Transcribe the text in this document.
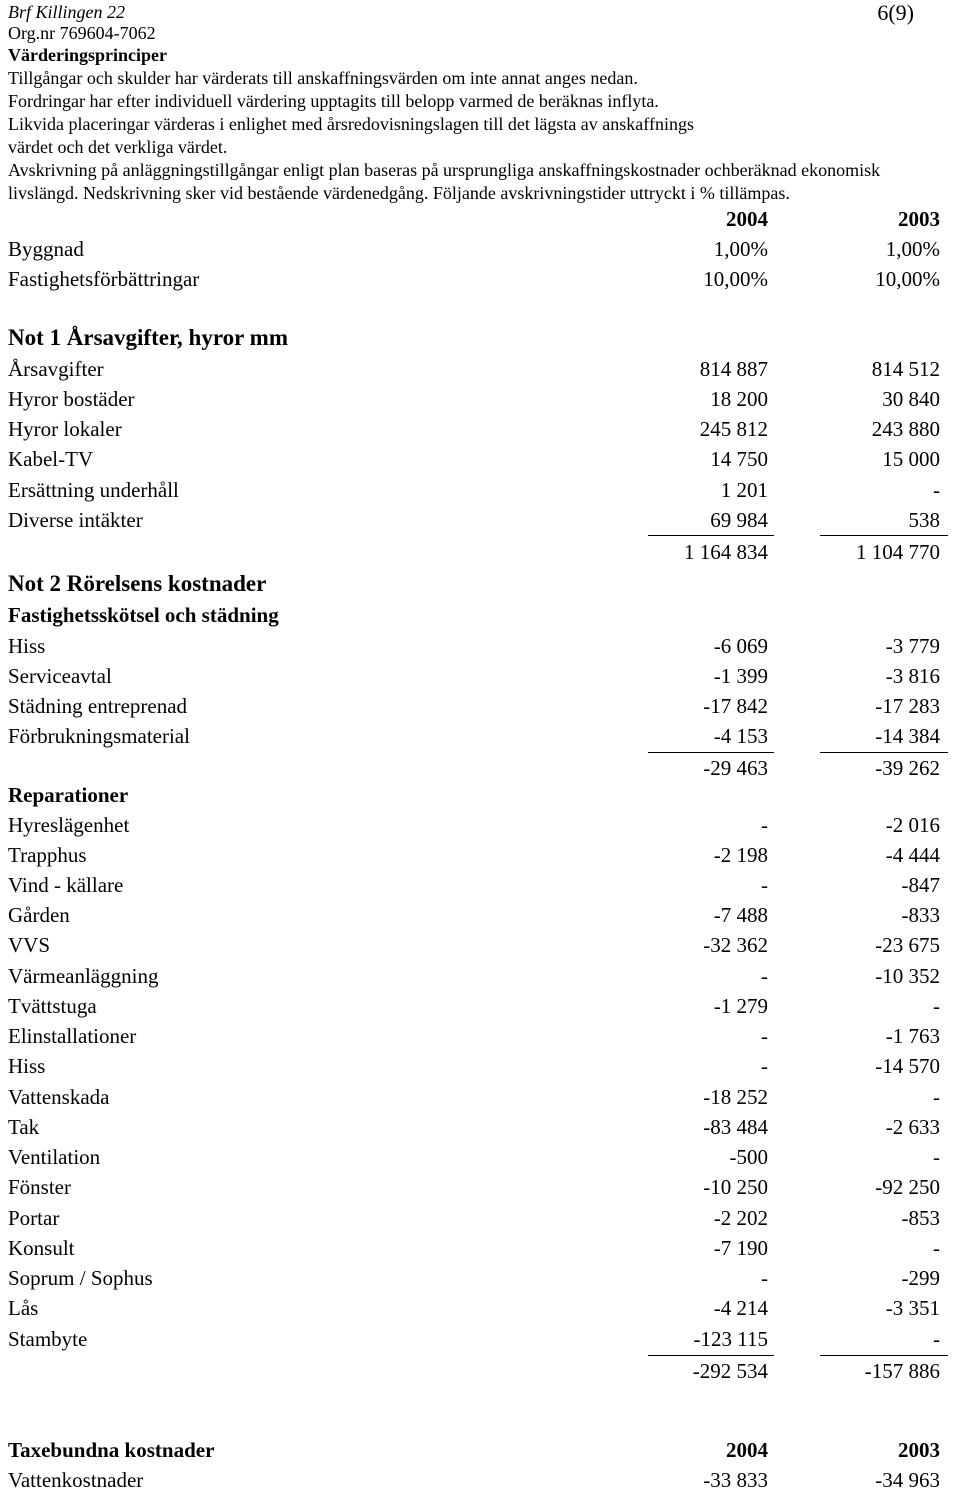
Brf Killingen 22
Org.nr 769604-7062
6(9)
Värderingsprinciper
Tillgångar och skulder har värderats till anskaffningsvärden om inte annat anges nedan.
Fordringar har efter individuell värdering upptagits till belopp varmed de beräknas inflyta.
Likvida placeringar värderas i enlighet med årsredovisningslagen till det lägsta av anskaffnings
värdet och det verkliga värdet.
Avskrivning på anläggningstillgångar enligt plan baseras på ursprungliga anskaffningskostnader ochberäknad ekonomisk
livslängd. Nedskrivning sker vid bestående värdenedgång. Följande avskrivningstider uttryckt i % tillämpas.
2004	2003
Byggnad	1,00%	1,00%
Fastighetsförbättringar	10,00%	10,00%
Not 1 Årsavgifter, hyror mm
Årsavgifter	814 887	814 512
Hyror bostäder	18 200	30 840
Hyror lokaler	245 812	243 880
Kabel-TV	14 750	15 000
Ersättning underhåll	1 201	-
Diverse intäkter	69 984	538
1 164 834	1 104 770
Not 2 Rörelsens kostnader
Fastighetsskötsel och städning
Hiss	-6 069	-3 779
Serviceavtal	-1 399	-3 816
Städning entreprenad	-17 842	-17 283
Förbrukningsmaterial	-4 153	-14 384
-29 463	-39 262
Reparationer
Hyreslägenhet	-	-2 016
Trapphus	-2 198	-4 444
Vind - källare	-	-847
Gården	-7 488	-833
VVS	-32 362	-23 675
Värmeanläggning	-	-10 352
Tvättstuga	-1 279	-
Elinstallationer	-	-1 763
Hiss	-	-14 570
Vattenskada	-18 252	-
Tak	-83 484	-2 633
Ventilation	-500	-
Fönster	-10 250	-92 250
Portar	-2 202	-853
Konsult	-7 190	-
Soprum / Sophus	-	-299
Lås	-4 214	-3 351
Stambyte	-123 115	-
-292 534	-157 886
Taxebundna kostnader	2004	2003
Vattenkostnader	-33 833	-34 963
